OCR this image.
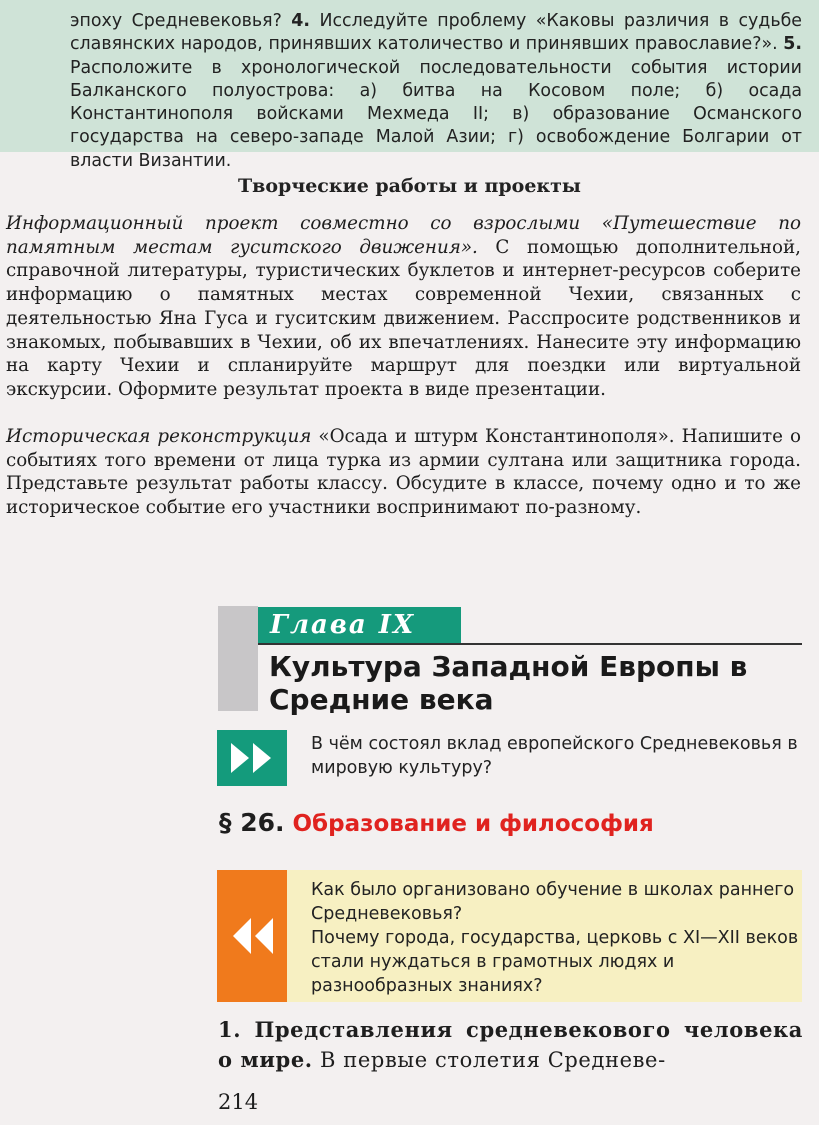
эпоху Средневековья? 4. Исследуйте проблему «Каковы различия в судьбе славянских народов, принявших католичество и принявших православие?». 5. Расположите в хронологической последовательности события истории Балканского полуострова: а) битва на Косовом поле; б) осада Константинополя войсками Мехмеда II; в) образование Османского государства на северо-западе Малой Азии; г) освобождение Болгарии от власти Византии.
Творческие работы и проекты
Информационный проект совместно со взрослыми «Путешествие по памятным местам гуситского движения». С помощью дополнительной, справочной литературы, туристических буклетов и интернет-ресурсов соберите информацию о памятных местах современной Чехии, связанных с деятельностью Яна Гуса и гуситским движением. Расспросите родственников и знакомых, побывавших в Чехии, об их впечатлениях. Нанесите эту информацию на карту Чехии и спланируйте маршрут для поездки или виртуальной экскурсии. Оформите результат проекта в виде презентации.
Историческая реконструкция «Осада и штурм Константинополя». Напишите о событиях того времени от лица турка из армии султана или защитника города. Представьте результат работы классу. Обсудите в классе, почему одно и то же историческое событие его участники воспринимают по-разному.
Глава IX
Культура Западной Европы в Средние века
В чём состоял вклад европейского Средневековья в мировую культуру?
§ 26. Образование и философия
Как было организовано обучение в школах раннего Средневековья?
Почему города, государства, церковь с XI—XII веков стали нуждаться в грамотных людях и разнообразных знаниях?
1. Представления средневекового человека о мире. В первые столетия Средневе-
214
